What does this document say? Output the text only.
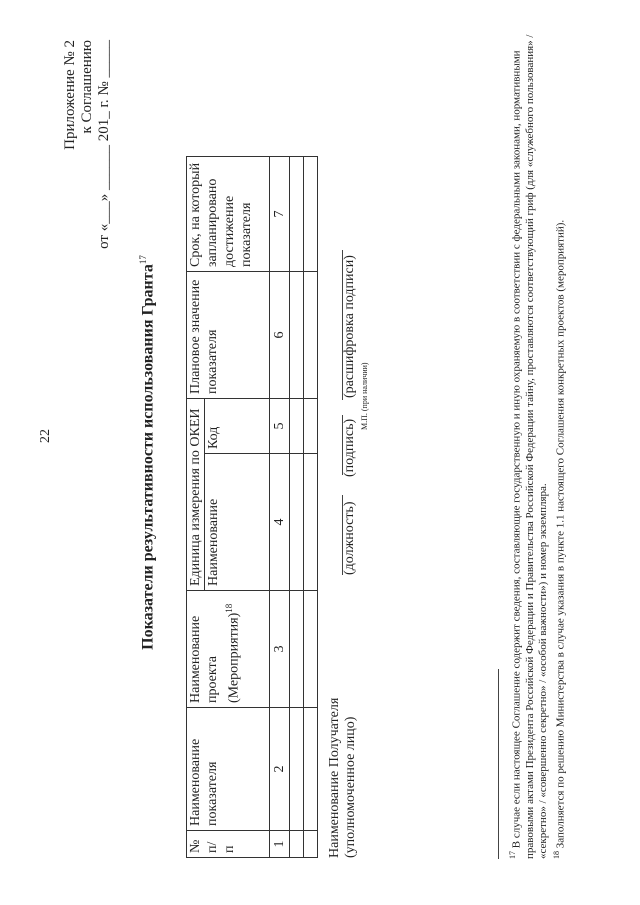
22
Приложение № 2 к Соглашению от «___» ______ 201_ г. № _____
Показатели результативности использования Гранта$^{17}$
№ п/п	Наименование показателя	Наименование проекта (Мероприятия)$^{18}$	Единица измерения по ОКЕИ		Плановое значение показателя	Срок, на который запланировано достижение показателя
			Наименование	Код		
1	2	3	4	5	6	7

Наименование Получателя (уполномоченное лицо)
(должность)
(подпись)
(расшифровка подписи) М.П. (при наличии)

$^{17}$ В случае если настоящее Соглашение содержит сведения, составляющие государственную и иную охраняемую в соответствии с федеральными законами, нормативными правовыми актами Президента Российской Федерации и Правительства Российской Федерации тайну, проставляются соответствующий гриф (для «служебного пользования» / «секретно» / «совершенно секретно» / «особой важности») и номер экземпляра. $^{18}$ Заполняется по решению Министерства в случае указания в пункте 1.1 настоящего Соглашения конкретных проектов (мероприятий).
